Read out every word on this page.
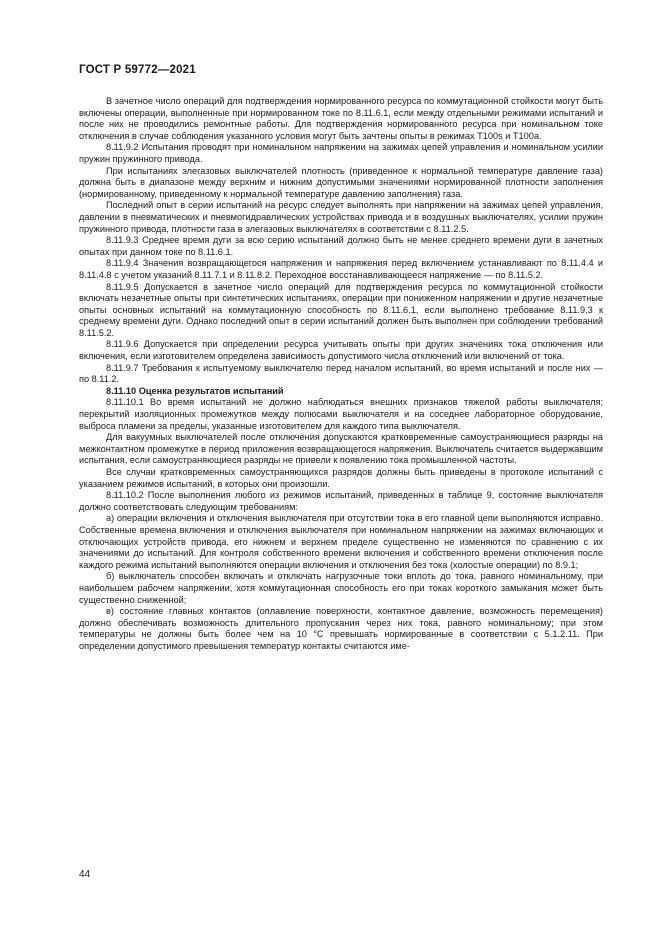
ГОСТ Р 59772—2021

В зачетное число операций для подтверждения нормированного ресурса по коммутационной стойкости могут быть включены операции, выполненные при нормированном токе по 8.11.6.1, если между отдельными режимами испытаний и после них не проводились ремонтные работы. Для подтверждения нормированного ресурса при номинальном токе отключения в случае соблюдения указанного условия могут быть зачтены опыты в режимах Т100s и Т100a.

8.11.9.2 Испытания проводят при номинальном напряжении на зажимах цепей управления и номинальном усилии пружин пружинного привода.

При испытаниях элегазовых выключателей плотность (приведенное к нормальной температуре давление газа) должна быть в диапазоне между верхним и нижним допустимыми значениями нормированной плотности заполнения (нормированному, приведенному к нормальной температуре давлению заполнения) газа.

Последний опыт в серии испытаний на ресурс следует выполнять при напряжении на зажимах цепей управления, давлении в пневматических и пневмогидравлических устройствах привода и в воздушных выключателях, усилии пружин пружинного привода, плотности газа в элегазовых выключателях в соответствии с 8.11.2.5.

8.11.9.3 Среднее время дуги за всю серию испытаний должно быть не менее среднего времени дуги в зачетных опытах при данном токе по 8.11.6.1.

8.11.9.4 Значения возвращающегося напряжения и напряжения перед включением устанавливают по 8.11.4.4 и 8.11.4.8 с учетом указаний 8.11.7.1 и 8.11.8.2. Переходное восстанавливающееся напряжение — по 8.11.5.2.

8.11.9.5 Допускается в зачетное число операций для подтверждения ресурса по коммутационной стойкости включать незачетные опыты при синтетических испытаниях, операции при пониженном напряжении и другие незачетные опыты основных испытаний на коммутационную способность по 8.11.6.1, если выполнено требование 8.11.9.3 к среднему времени дуги. Однако последний опыт в серии испытаний должен быть выполнен при соблюдении требований 8.11.5.2.

8.11.9.6 Допускается при определении ресурса учитывать опыты при других значениях тока отключения или включения, если изготовителем определена зависимость допустимого числа отключений или включений от тока.

8.11.9.7 Требования к испытуемому выключателю перед началом испытаний, во время испытаний и после них — по 8.11.2.

8.11.10 Оценка результатов испытаний

8.11.10.1 Во время испытаний не должно наблюдаться внешних признаков тяжелой работы выключателя; перекрытий изоляционных промежутков между полюсами выключателя и на соседнее лабораторное оборудование, выброса пламени за пределы, указанные изготовителем для каждого типа выключателя.

Для вакуумных выключателей после отключения допускаются кратковременные самоустраняющиеся разряды на межконтактном промежутке в период приложения возвращающегося напряжения. Выключатель считается выдержавшим испытания, если самоустраняющиеся разряды не привели к появлению тока промышленной частоты.

Все случаи кратковременных самоустраняющихся разрядов должны быть приведены в протоколе испытаний с указанием режимов испытаний, в которых они произошли.

8.11.10.2 После выполнения любого из режимов испытаний, приведенных в таблице 9, состояние выключателя должно соответствовать следующим требованиям:

а) операции включения и отключения выключателя при отсутствии тока в его главной цепи выполняются исправно. Собственные времена включения и отключения выключателя при номинальном напряжении на зажимах включающих и отключающих устройств привода, его нижнем и верхнем пределе существенно не изменяются по сравнению с их значениями до испытаний. Для контроля собственного времени включения и собственного времени отключения после каждого режима испытаний выполняются операции включения и отключения без тока (холостые операции) по 8.9.1;

б) выключатель способен включать и отключать нагрузочные токи вплоть до тока, равного номинальному, при наибольшем рабочем напряжении, хотя коммутационная способность его при токах короткого замыкания может быть существенно сниженной;

в) состояние главных контактов (оплавление поверхности, контактное давление, возможность перемещения) должно обеспечивать возможность длительного пропускания через них тока, равного номинальному; при этом температуры не должны быть более чем на 10 °С превышать нормированные в соответствии с 5.1.2.11. При определении допустимого превышения температур контакты считаются име-

44
